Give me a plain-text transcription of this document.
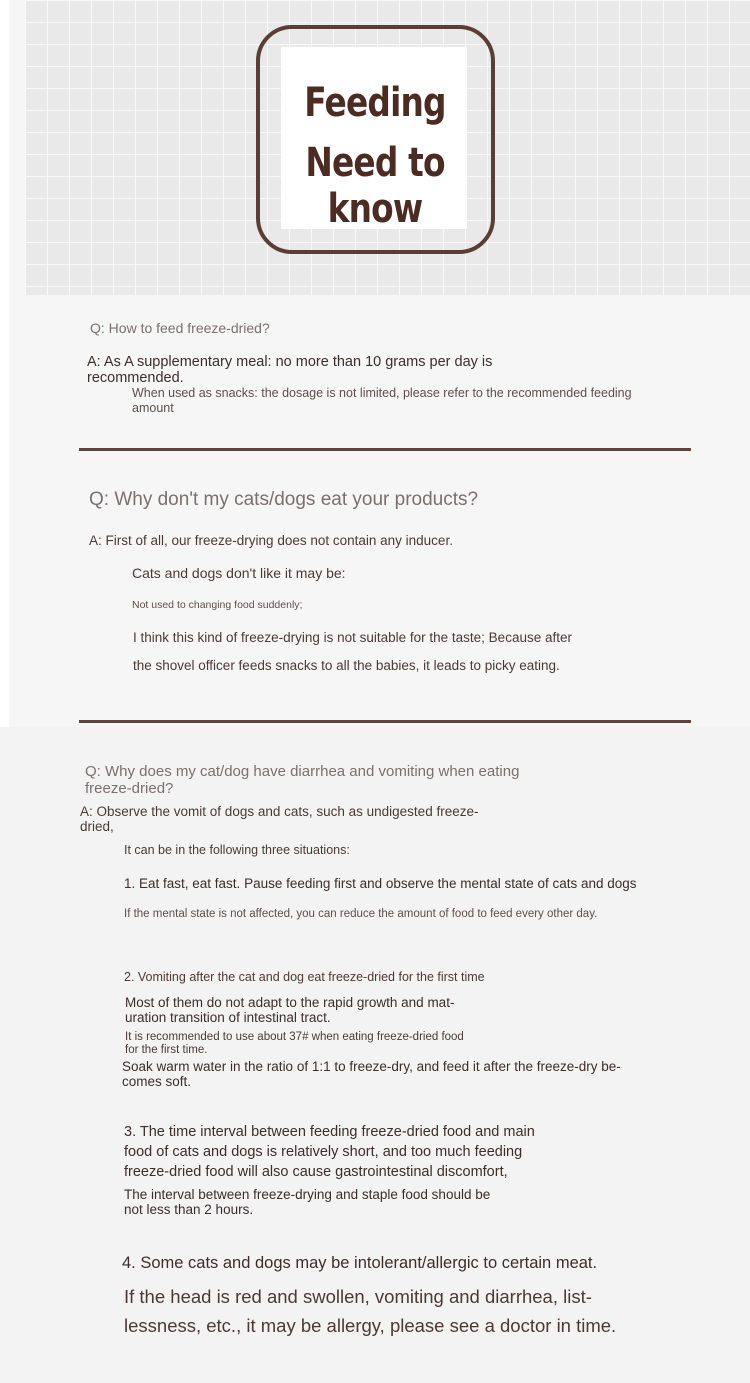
Feeding
Need to know

Q: How to feed freeze-dried?

A: As A supplementary meal: no more than 10 grams per day is

recommended.

When used as snacks: the dosage is not limited, please refer to the recommended feeding

amount

Q: Why don't my cats/dogs eat your products?

A: First of all, our freeze-drying does not contain any inducer.

Cats and dogs don't like it may be:

Not used to changing food suddenly;

I think this kind of freeze-drying is not suitable for the taste; Because after

the shovel officer feeds snacks to all the babies, it leads to picky eating.

Q: Why does my cat/dog have diarrhea and vomiting when eating

freeze-dried?

A: Observe the vomit of dogs and cats, such as undigested freeze-

dried,

It can be in the following three situations:

1. Eat fast, eat fast. Pause feeding first and observe the mental state of cats and dogs

If the mental state is not affected, you can reduce the amount of food to feed every other day.

2. Vomiting after the cat and dog eat freeze-dried for the first time

Most of them do not adapt to the rapid growth and mat-

uration transition of intestinal tract.

It is recommended to use about 37# when eating freeze-dried food

for the first time.

Soak warm water in the ratio of 1:1 to freeze-dry, and feed it after the freeze-dry be-

comes soft.

3. The time interval between feeding freeze-dried food and main

food of cats and dogs is relatively short, and too much feeding

freeze-dried food will also cause gastrointestinal discomfort,

The interval between freeze-drying and staple food should be

not less than 2 hours.

4. Some cats and dogs may be intolerant/allergic to certain meat.

If the head is red and swollen, vomiting and diarrhea, list-

lessness, etc., it may be allergy, please see a doctor in time.
